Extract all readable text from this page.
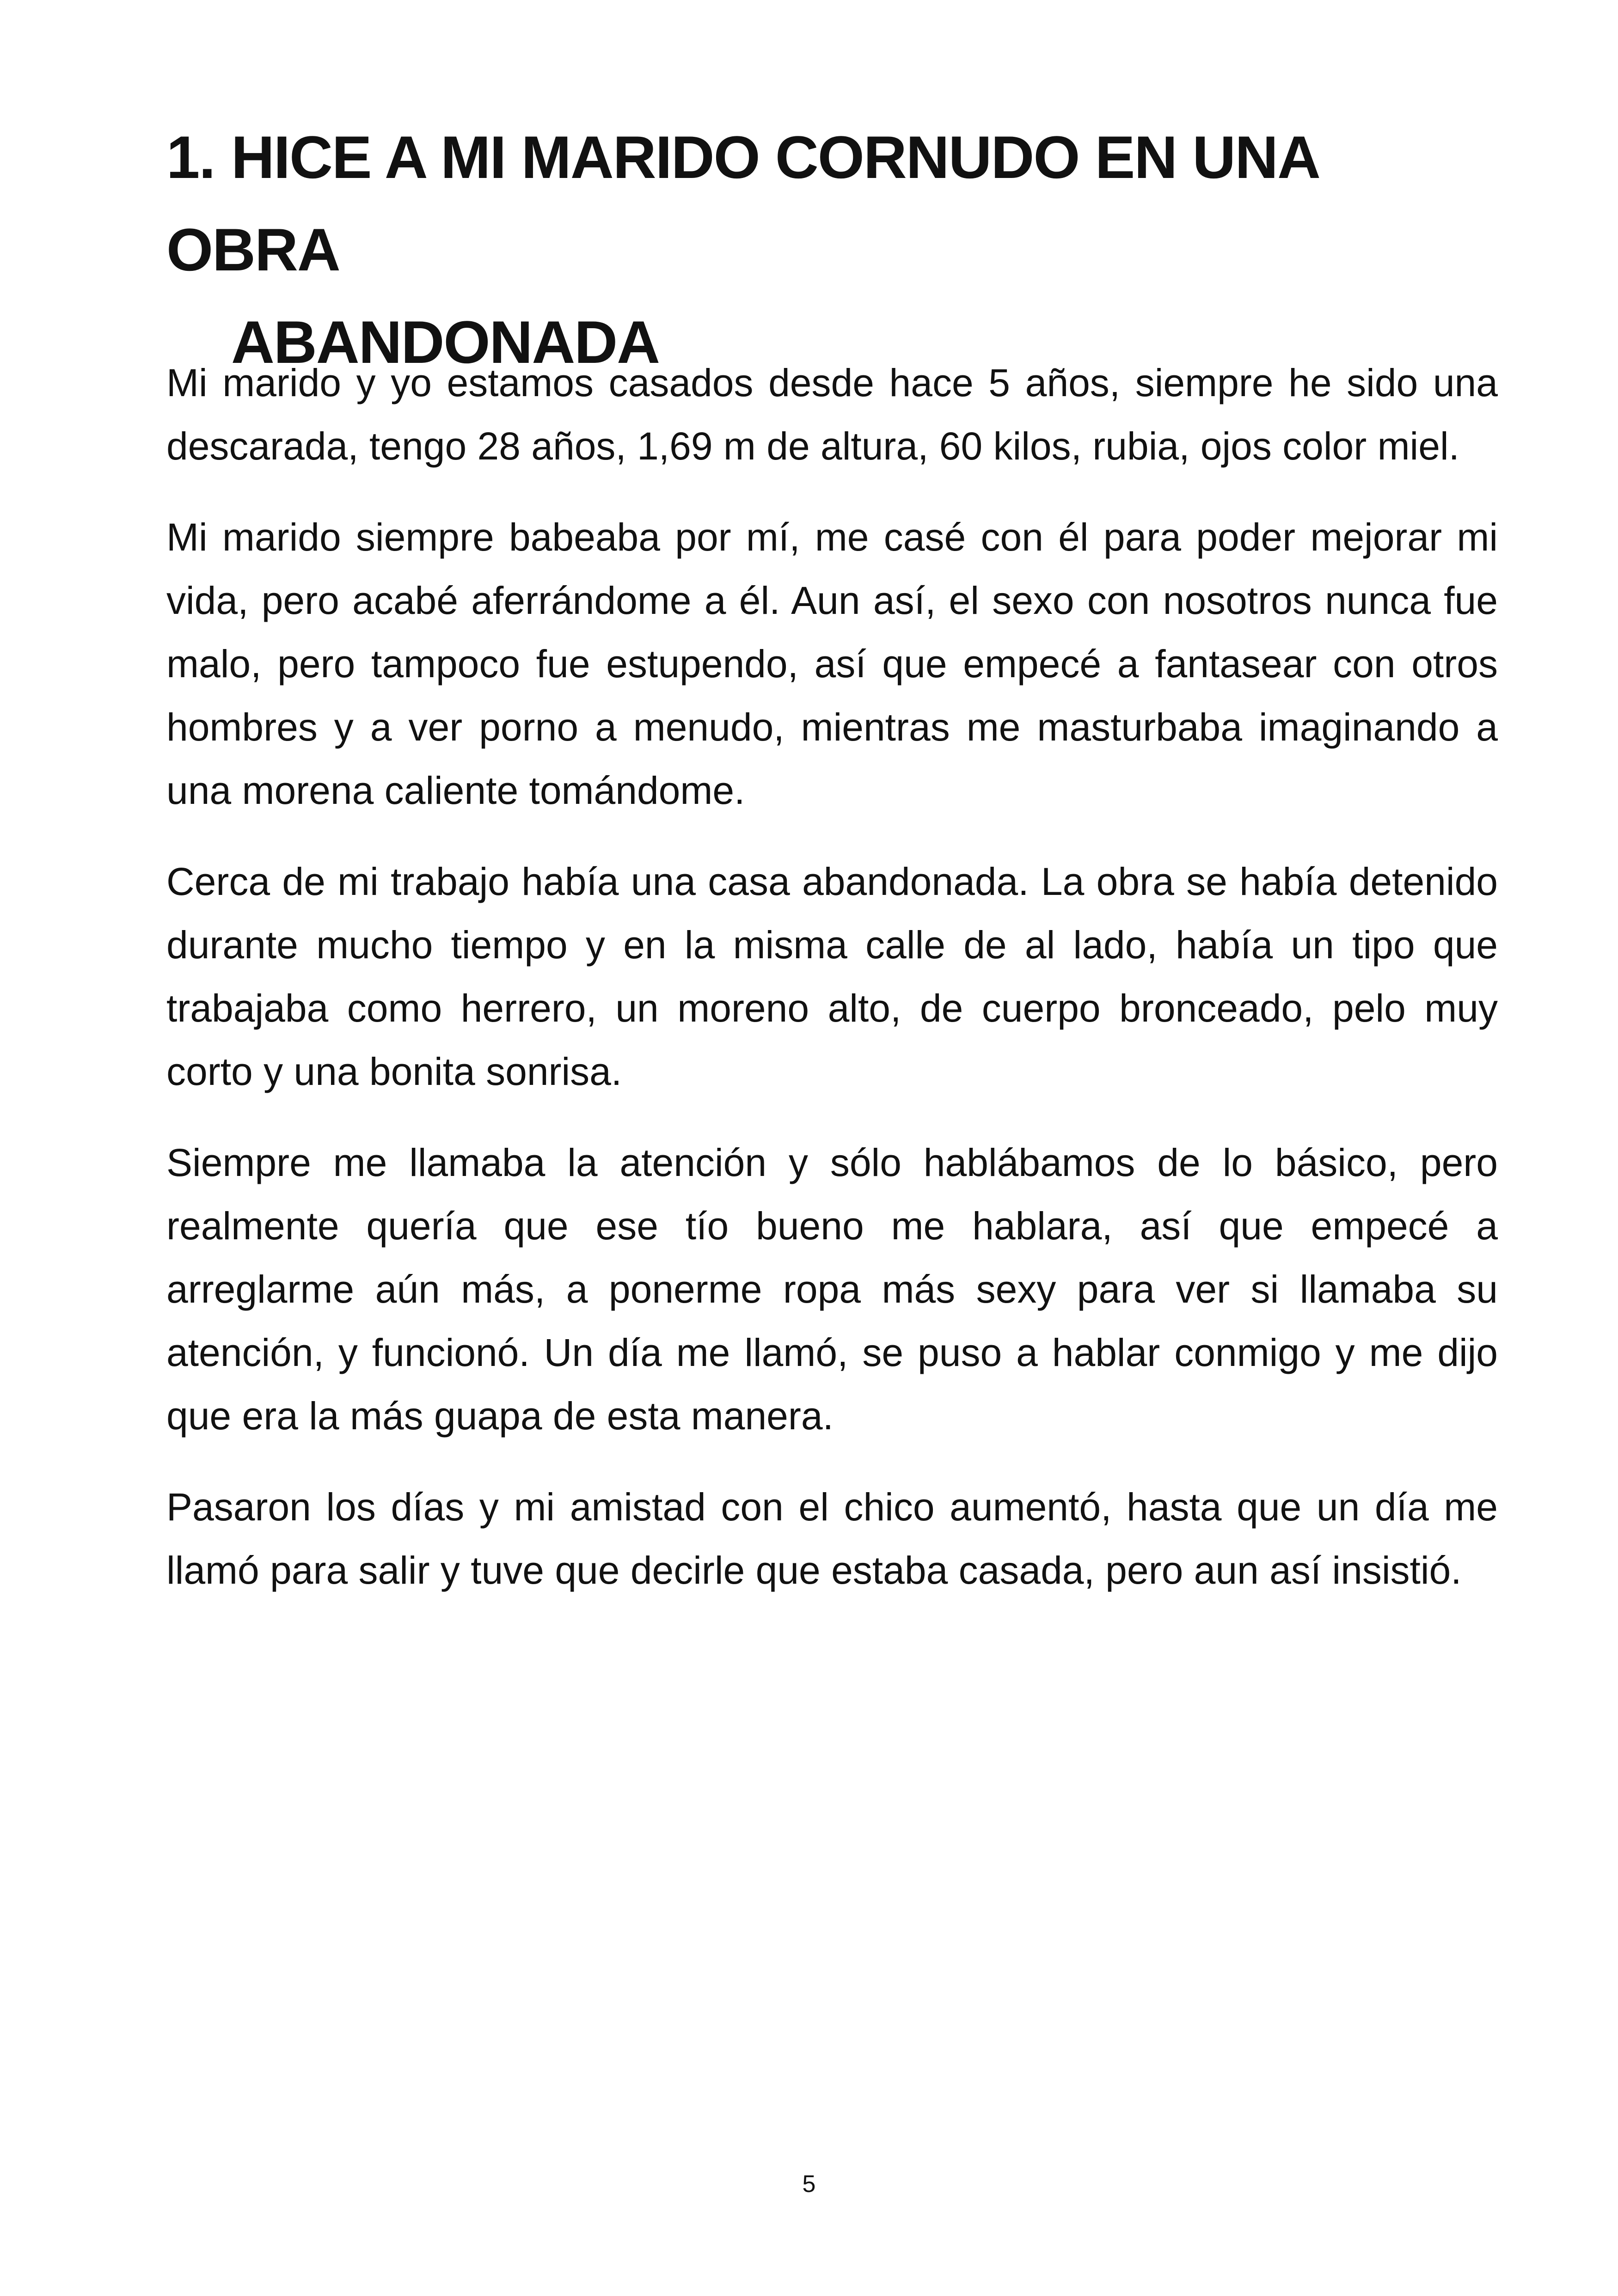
1. HICE A MI MARIDO CORNUDO EN UNA OBRA
ABANDONADA

Mi marido y yo estamos casados desde hace 5 años, siempre he sido una descarada, tengo 28 años, 1,69 m de altura, 60 kilos, rubia, ojos color miel.

Mi marido siempre babeaba por mí, me casé con él para poder mejorar mi vida, pero acabé aferrándome a él. Aun así, el sexo con nosotros nunca fue malo, pero tampoco fue estupendo, así que empecé a fantasear con otros hombres y a ver porno a menudo, mientras me masturbaba imaginando a una morena caliente tomándome.

Cerca de mi trabajo había una casa abandonada. La obra se había detenido durante mucho tiempo y en la misma calle de al lado, había un tipo que trabajaba como herrero, un moreno alto, de cuerpo bronceado, pelo muy corto y una bonita sonrisa.

Siempre me llamaba la atención y sólo hablábamos de lo básico, pero realmente quería que ese tío bueno me hablara, así que empecé a arreglarme aún más, a ponerme ropa más sexy para ver si llamaba su atención, y funcionó. Un día me llamó, se puso a hablar conmigo y me dijo que era la más guapa de esta manera.

Pasaron los días y mi amistad con el chico aumentó, hasta que un día me llamó para salir y tuve que decirle que estaba casada, pero aun así insistió.

5
